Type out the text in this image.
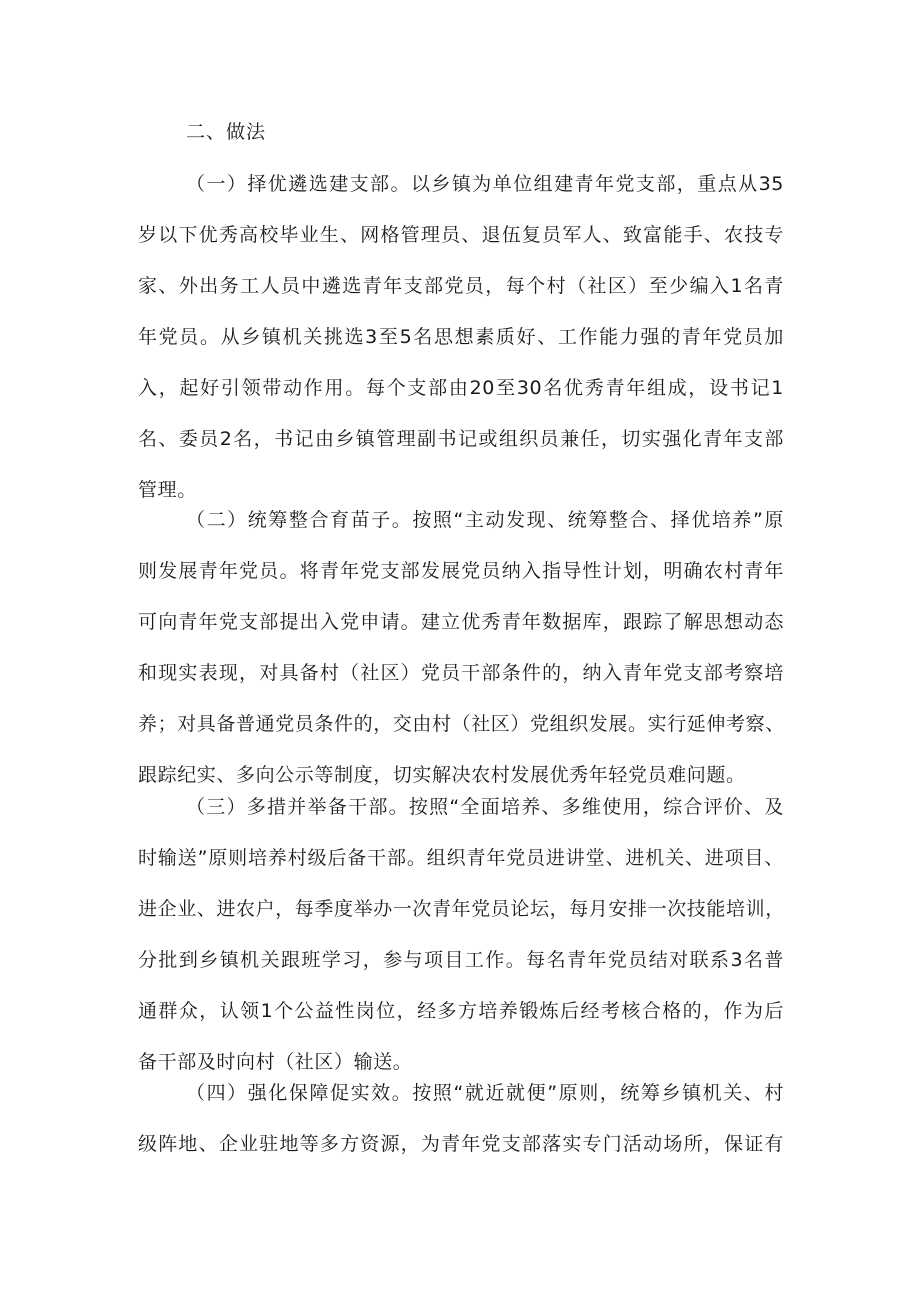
二、做法
（一）择优遴选建支部。以乡镇为单位组建青年党支部，重点从35
岁以下优秀高校毕业生、网格管理员、退伍复员军人、致富能手、农技专
家、外出务工人员中遴选青年支部党员，每个村（社区）至少编入1名青
年党员。从乡镇机关挑选3至5名思想素质好、工作能力强的青年党员加
入，起好引领带动作用。每个支部由20至30名优秀青年组成，设书记1
名、委员2名，书记由乡镇管理副书记或组织员兼任，切实强化青年支部
管理。
（二）统筹整合育苗子。按照“主动发现、统筹整合、择优培养”原
则发展青年党员。将青年党支部发展党员纳入指导性计划，明确农村青年
可向青年党支部提出入党申请。建立优秀青年数据库，跟踪了解思想动态
和现实表现，对具备村（社区）党员干部条件的，纳入青年党支部考察培
养；对具备普通党员条件的，交由村（社区）党组织发展。实行延伸考察、
跟踪纪实、多向公示等制度，切实解决农村发展优秀年轻党员难问题。
（三）多措并举备干部。按照“全面培养、多维使用，综合评价、及
时输送”原则培养村级后备干部。组织青年党员进讲堂、进机关、进项目、
进企业、进农户，每季度举办一次青年党员论坛，每月安排一次技能培训，
分批到乡镇机关跟班学习，参与项目工作。每名青年党员结对联系3名普
通群众，认领1个公益性岗位，经多方培养锻炼后经考核合格的，作为后
备干部及时向村（社区）输送。
（四）强化保障促实效。按照“就近就便”原则，统筹乡镇机关、村
级阵地、企业驻地等多方资源，为青年党支部落实专门活动场所，保证有
